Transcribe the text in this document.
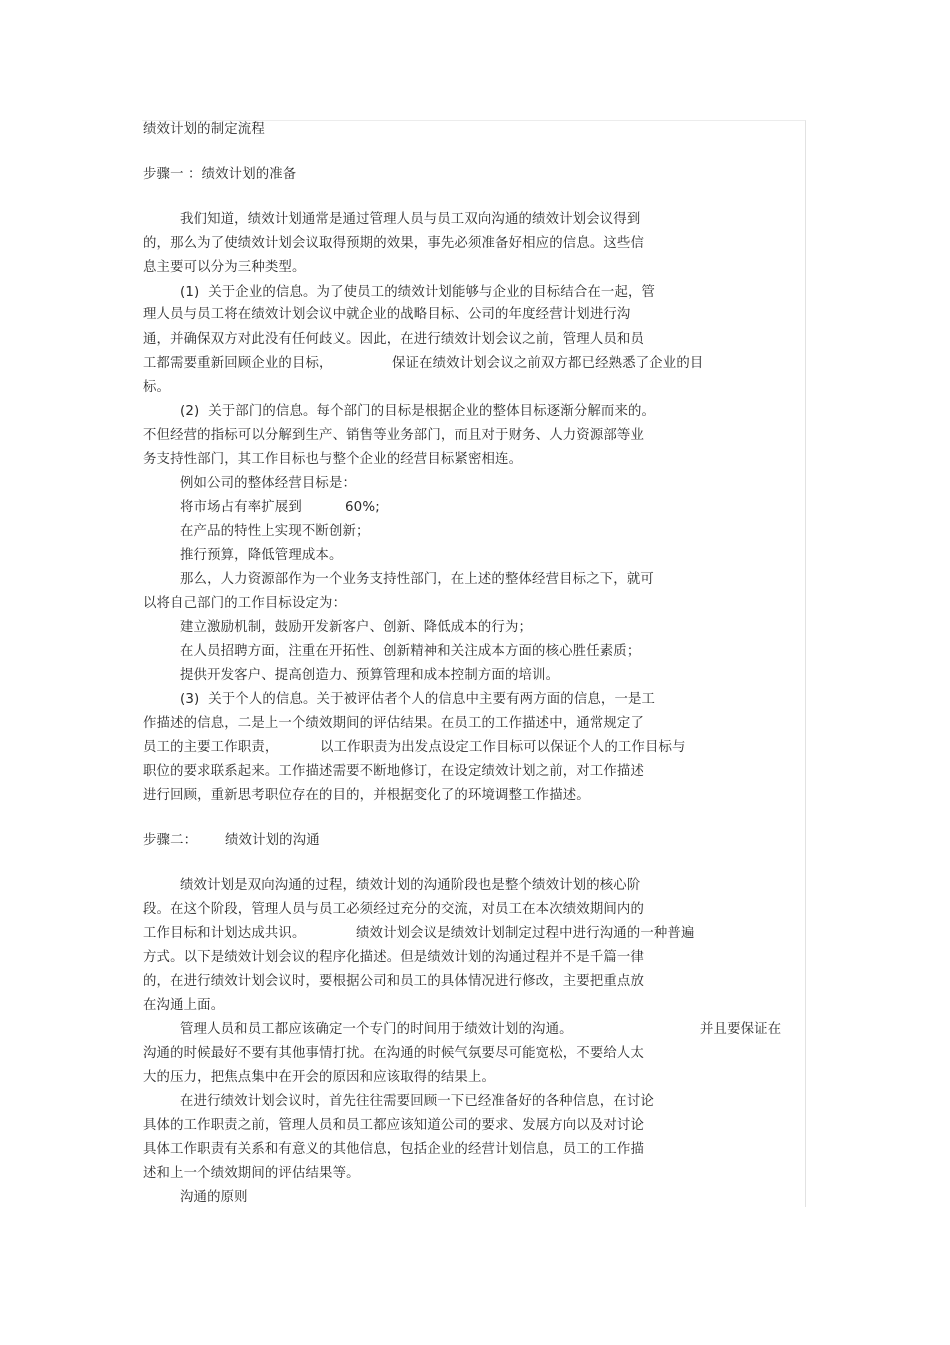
绩效计划的制定流程
步骤一 ：绩效计划的准备
我们知道，绩效计划通常是通过管理人员与员工双向沟通的绩效计划会议得到
的，那么为了使绩效计划会议取得预期的效果，事先必须准备好相应的信息。这些信
息主要可以分为三种类型。
(1)  关于企业的信息。为了使员工的绩效计划能够与企业的目标结合在一起，管
理人员与员工将在绩效计划会议中就企业的战略目标、公司的年度经营计划进行沟
通，并确保双方对此没有任何歧义。因此，在进行绩效计划会议之前，管理人员和员
工都需要重新回顾企业的目标，	保证在绩效计划会议之前双方都已经熟悉了企业的目
标。
(2)  关于部门的信息。每个部门的目标是根据企业的整体目标逐渐分解而来的。
不但经营的指标可以分解到生产、销售等业务部门，而且对于财务、人力资源部等业
务支持性部门，其工作目标也与整个企业的经营目标紧密相连。
例如公司的整体经营目标是：
将市场占有率扩展到	60%;
在产品的特性上实现不断创新；
推行预算，降低管理成本。
那么，人力资源部作为一个业务支持性部门，在上述的整体经营目标之下，就可
以将自己部门的工作目标设定为：
建立激励机制，鼓励开发新客户、创新、降低成本的行为；
在人员招聘方面，注重在开拓性、创新精神和关注成本方面的核心胜任素质；
提供开发客户、提高创造力、预算管理和成本控制方面的培训。
(3)  关于个人的信息。关于被评估者个人的信息中主要有两方面的信息，一是工
作描述的信息，二是上一个绩效期间的评估结果。在员工的工作描述中，通常规定了
员工的主要工作职责，	以工作职责为出发点设定工作目标可以保证个人的工作目标与
职位的要求联系起来。工作描述需要不断地修订，在设定绩效计划之前，对工作描述
进行回顾，重新思考职位存在的目的，并根据变化了的环境调整工作描述。
步骤二： 绩效计划的沟通
绩效计划是双向沟通的过程，绩效计划的沟通阶段也是整个绩效计划的核心阶
段。在这个阶段，管理人员与员工必须经过充分的交流，对员工在本次绩效期间内的
工作目标和计划达成共识。	绩效计划会议是绩效计划制定过程中进行沟通的一种普遍
方式。以下是绩效计划会议的程序化描述。但是绩效计划的沟通过程并不是千篇一律
的，在进行绩效计划会议时，要根据公司和员工的具体情况进行修改，主要把重点放
在沟通上面。
管理人员和员工都应该确定一个专门的时间用于绩效计划的沟通。	并且要保证在
沟通的时候最好不要有其他事情打扰。在沟通的时候气氛要尽可能宽松，不要给人太
大的压力，把焦点集中在开会的原因和应该取得的结果上。
在进行绩效计划会议时，首先往往需要回顾一下已经准备好的各种信息，在讨论
具体的工作职责之前，管理人员和员工都应该知道公司的要求、发展方向以及对讨论
具体工作职责有关系和有意义的其他信息，包括企业的经营计划信息，员工的工作描
述和上一个绩效期间的评估结果等。
沟通的原则
